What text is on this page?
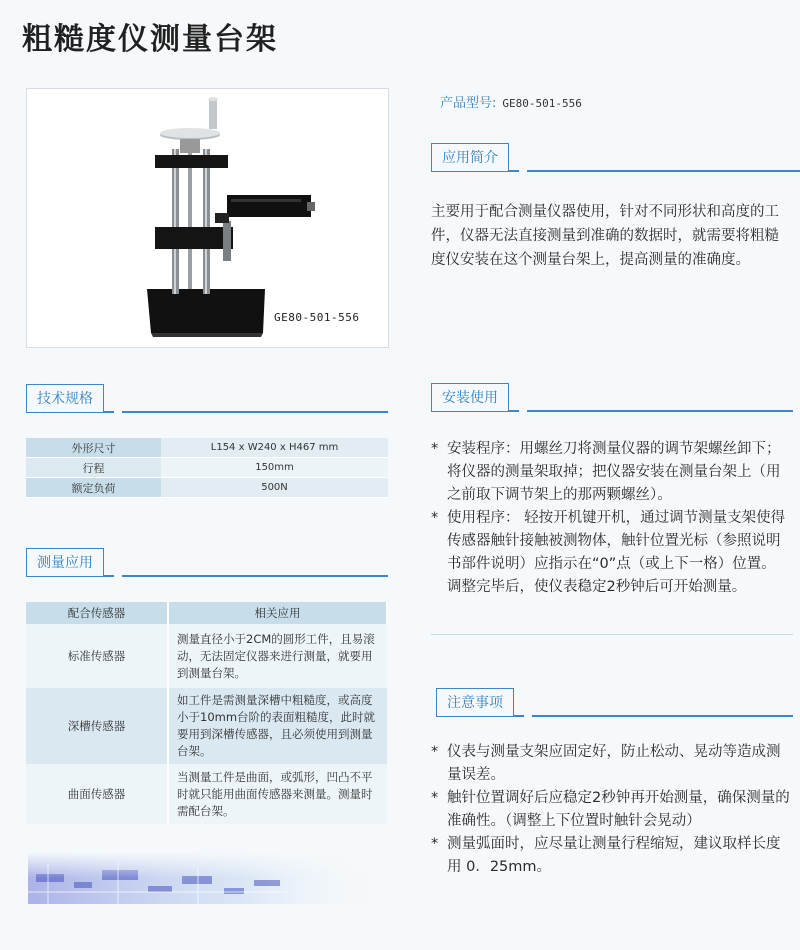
粗糙度仪测量台架
GE80-501-556
产品型号: GE80-501-556
应用简介
主要用于配合测量仪器使用，针对不同形状和高度的工件，仪器无法直接测量到准确的数据时，就需要将粗糙度仪安装在这个测量台架上，提高测量的准确度。
技术规格
外形尺寸	L154 x W240 x H467 mm
行程	150mm
额定负荷	500N
测量应用
配合传感器	相关应用
标准传感器	测量直径小于2CM的圆形工件，且易滚动，无法固定仪器来进行测量，就要用到测量台架。
深槽传感器	如工件是需测量深槽中粗糙度，或高度小于10mm台阶的表面粗糙度，此时就要用到深槽传感器，且必须使用到测量台架。
曲面传感器	当测量工件是曲面，或弧形，凹凸不平时就只能用曲面传感器来测量。测量时需配台架。
安装使用
* 安装程序：用螺丝刀将测量仪器的调节架螺丝卸下；将仪器的测量架取掉；把仪器安装在测量台架上（用之前取下调节架上的那两颗螺丝）。
* 使用程序： 轻按开机键开机，通过调节测量支架使得传感器触针接触被测物体，触针位置光标（参照说明书部件说明）应指示在“0”点（或上下一格）位置。 调整完毕后，使仪表稳定2秒钟后可开始测量。
注意事项
* 仪表与测量支架应固定好，防止松动、晃动等造成测量误差。
* 触针位置调好后应稳定2秒钟再开始测量，确保测量的准确性。（调整上下位置时触针会晃动）
* 测量弧面时，应尽量让测量行程缩短，建议取样长度用 0．25mm。
